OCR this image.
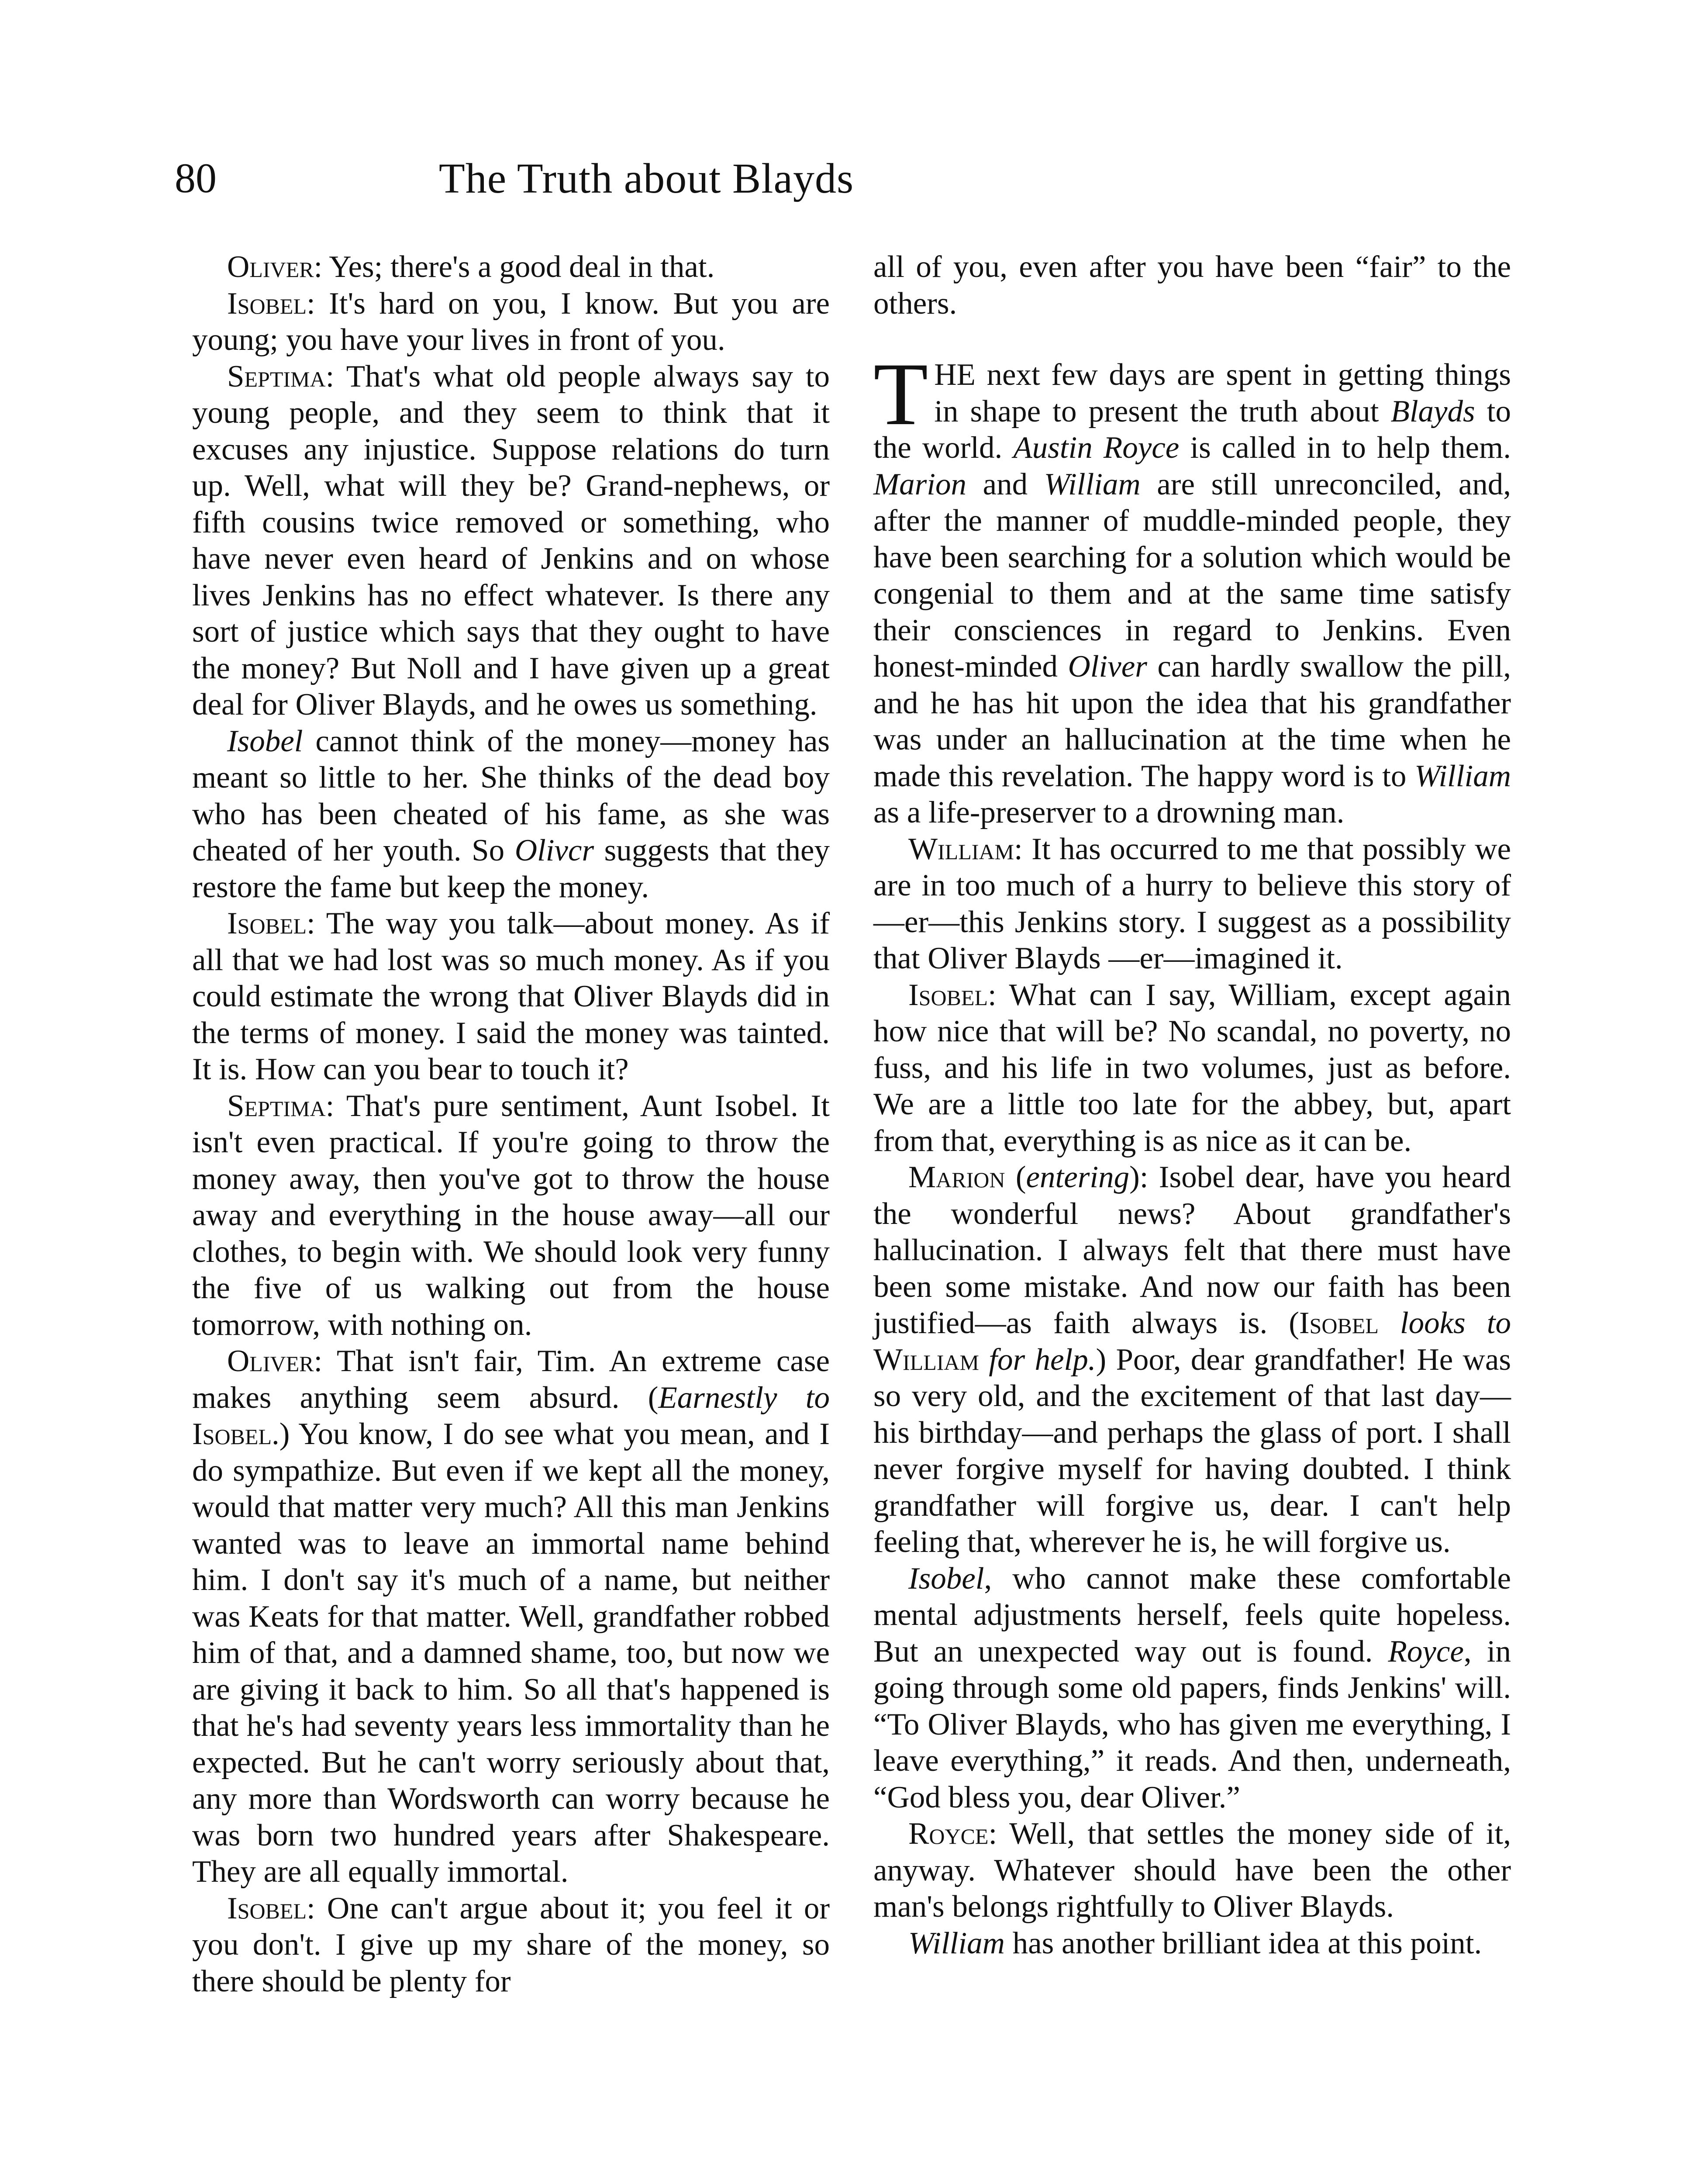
80	The Truth about Blayds

Oliver: Yes; there's a good deal in that.

Isobel: It's hard on you, I know. But you are young; you have your lives in front of you.

Septima: That's what old people always say to young people, and they seem to think that it excuses any injustice. Suppose relations do turn up. Well, what will they be? Grand-nephews, or fifth cousins twice removed or something, who have never even heard of Jenkins and on whose lives Jenkins has no effect whatever. Is there any sort of justice which says that they ought to have the money? But Noll and I have given up a great deal for Oliver Blayds, and he owes us something.

Isobel cannot think of the money—money has meant so little to her. She thinks of the dead boy who has been cheated of his fame, as she was cheated of her youth. So Olivcr suggests that they restore the fame but keep the money.

Isobel: The way you talk—about money. As if all that we had lost was so much money. As if you could estimate the wrong that Oliver Blayds did in the terms of money. I said the money was tainted. It is. How can you bear to touch it?

Septima: That's pure sentiment, Aunt Isobel. It isn't even practical. If you're going to throw the money away, then you've got to throw the house away and everything in the house away—all our clothes, to begin with. We should look very funny the five of us walking out from the house tomorrow, with nothing on.

Oliver: That isn't fair, Tim. An extreme case makes anything seem absurd. (Earnestly to Isobel.) You know, I do see what you mean, and I do sympathize. But even if we kept all the money, would that matter very much? All this man Jenkins wanted was to leave an immortal name behind him. I don't say it's much of a name, but neither was Keats for that matter. Well, grandfather robbed him of that, and a damned shame, too, but now we are giving it back to him. So all that's happened is that he's had seventy years less immortality than he expected. But he can't worry seriously about that, any more than Wordsworth can worry because he was born two hundred years after Shakespeare. They are all equally immortal.

Isobel: One can't argue about it; you feel it or you don't. I give up my share of the money, so there should be plenty for

all of you, even after you have been “fair” to the others.

THE next few days are spent in getting things in shape to present the truth about Blayds to the world. Austin Royce is called in to help them. Marion and William are still unreconciled, and, after the manner of muddle-minded people, they have been searching for a solution which would be congenial to them and at the same time satisfy their consciences in regard to Jenkins. Even honest-minded Oliver can hardly swallow the pill, and he has hit upon the idea that his grandfather was under an hallucination at the time when he made this revelation. The happy word is to William as a life-preserver to a drowning man.

William: It has occurred to me that possibly we are in too much of a hurry to believe this story of—er—this Jenkins story. I suggest as a possibility that Oliver Blayds —er—imagined it.

Isobel: What can I say, William, except again how nice that will be? No scandal, no poverty, no fuss, and his life in two volumes, just as before. We are a little too late for the abbey, but, apart from that, everything is as nice as it can be.

Marion (entering): Isobel dear, have you heard the wonderful news? About grandfather's hallucination. I always felt that there must have been some mistake. And now our faith has been justified—as faith always is. (Isobel looks to William for help.) Poor, dear grandfather! He was so very old, and the excitement of that last day—his birthday—and perhaps the glass of port. I shall never forgive myself for having doubted. I think grandfather will forgive us, dear. I can't help feeling that, wherever he is, he will forgive us.

Isobel, who cannot make these comfortable mental adjustments herself, feels quite hopeless. But an unexpected way out is found. Royce, in going through some old papers, finds Jenkins' will. “To Oliver Blayds, who has given me everything, I leave everything,” it reads. And then, underneath, “God bless you, dear Oliver.”

Royce: Well, that settles the money side of it, anyway. Whatever should have been the other man's belongs rightfully to Oliver Blayds.

William has another brilliant idea at this point.
